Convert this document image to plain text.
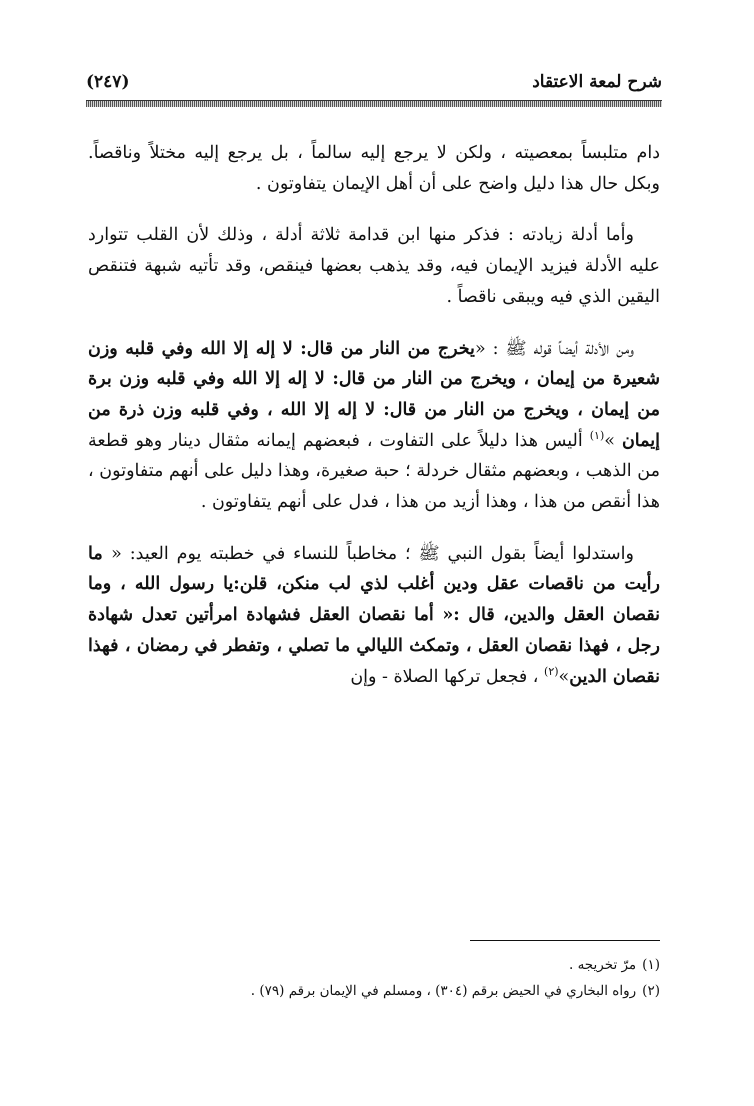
شرح لمعة الاعتقاد
(٢٤٧)

دام متلبساً بمعصيته ، ولكن لا يرجع إليه سالماً ، بل يرجع إليه مختلاً وناقصاً. وبكل حال هذا دليل واضح على أن أهل الإيمان يتفاوتون .

وأما أدلة زيادته : فذكر منها ابن قدامة ثلاثة أدلة ، وذلك لأن القلب تتوارد عليه الأدلة فيزيد الإيمان فيه، وقد يذهب بعضها فينقص، وقد تأتيه شبهة فتنقص اليقين الذي فيه ويبقى ناقصاً .

ومن الأدلة أيضاً قوله ﷺ : «يخرج من النار من قال: لا إله إلا الله وفي قلبه وزن شعيرة من إيمان ، ويخرج من النار من قال: لا إله إلا الله وفي قلبه وزن برة من إيمان ، ويخرج من النار من قال: لا إله إلا الله ، وفي قلبه وزن ذرة من إيمان »$^{(١)}$ أليس هذا دليلاً على التفاوت ، فبعضهم إيمانه مثقال دينار وهو قطعة من الذهب ، وبعضهم مثقال خردلة ؛ حبة صغيرة، وهذا دليل على أنهم متفاوتون ، هذا أنقص من هذا ، وهذا أزيد من هذا ، فدل على أنهم يتفاوتون .

واستدلوا أيضاً بقول النبي ﷺ ؛ مخاطباً للنساء في خطبته يوم العيد: « ما رأيت من ناقصات عقل ودين أغلب لذي لب منكن، قلن:يا رسول الله ، وما نقصان العقل والدين، قال :« أما نقصان العقل فشهادة امرأتين تعدل شهادة رجل ، فهذا نقصان العقل ، وتمكث الليالي ما تصلي ، وتفطر في رمضان ، فهذا نقصان الدين»$^{(٢)}$ ، فجعل تركها الصلاة - وإن

(١)مرّ تخريجه .

(٢)رواه البخاري في الحيض برقم (٣٠٤) ، ومسلم في الإيمان برقم (٧٩) .
